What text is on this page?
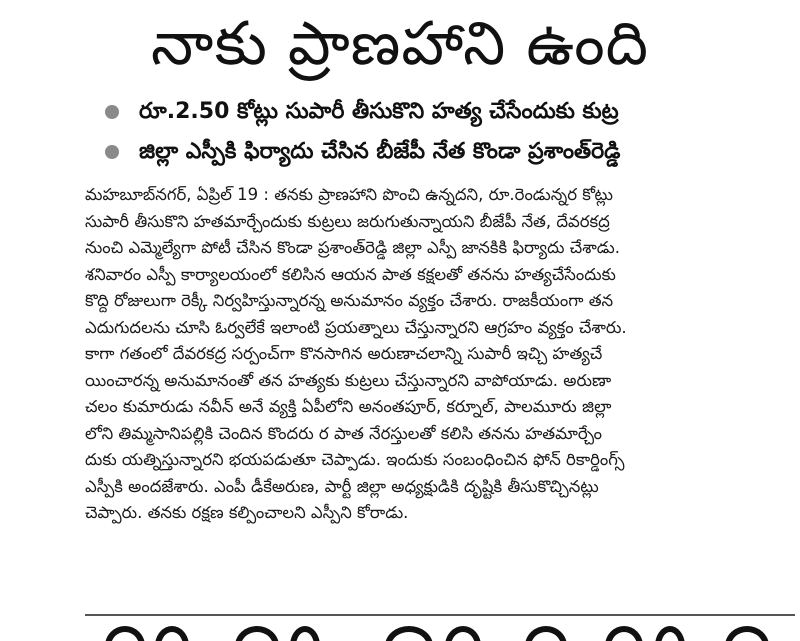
నాకు ప్రాణహాని ఉంది
రూ.2.50 కోట్లు సుపారీ తీసుకొని హత్య చేసేందుకు కుట్ర
జిల్లా ఎస్పీకి ఫిర్యాదు చేసిన బీజేపీ నేత కొండా ప్రశాంత్‌రెడ్డి
మహబూబ్‌నగర్, ఏప్రిల్ 19 : తనకు ప్రాణహాని పొంచి ఉన్నదని, రూ.రెండున్నర కోట్లు
సుపారీ తీసుకొని హతమార్చేందుకు కుట్రలు జరుగుతున్నాయని బీజేపీ నేత, దేవరకద్ర
నుంచి ఎమ్మెల్యేగా పోటీ చేసిన కొండా ప్రశాంత్‌రెడ్డి జిల్లా ఎస్పీ జానకికి ఫిర్యాదు చేశాడు.
శనివారం ఎస్పీ కార్యాలయంలో కలిసిన ఆయన పాత కక్షలతో తనను హత్యచేసేందుకు
కొద్ది రోజులుగా రెక్కీ నిర్వహిస్తున్నారన్న అనుమానం వ్యక్తం చేశారు. రాజకీయంగా తన
ఎదుగుదలను చూసి ఓర్వలేకే ఇలాంటి ప్రయత్నాలు చేస్తున్నారని ఆగ్రహం వ్యక్తం చేశారు.
కాగా గతంలో దేవరకద్ర సర్పంచ్‌గా కొనసాగిన అరుణాచలాన్ని సుపారీ ఇచ్చి హత్యచే
యించారన్న అనుమానంతో తన హత్యకు కుట్రలు చేస్తున్నారని వాపోయాడు. అరుణా
చలం కుమారుడు నవీన్ అనే వ్యక్తి ఏపీలోని అనంతపూర్, కర్నూల్, పాలమూరు జిల్లా
లోని తిమ్మసానిపల్లికి చెందిన కొందరు ర పాత నేరస్తులతో కలిసి తనను హతమార్చేం
దుకు యత్నిస్తున్నారని భయపడుతూ చెప్పాడు. ఇందుకు సంబంధించిన ఫోన్ రికార్డింగ్స్
ఎస్పీకి అందజేశారు. ఎంపీ డీకేఅరుణ, పార్టీ జిల్లా అధ్యక్షుడికి దృష్టికి తీసుకొచ్చినట్లు
చెప్పారు. తనకు రక్షణ కల్పించాలని ఎస్పీని కోరాడు.
